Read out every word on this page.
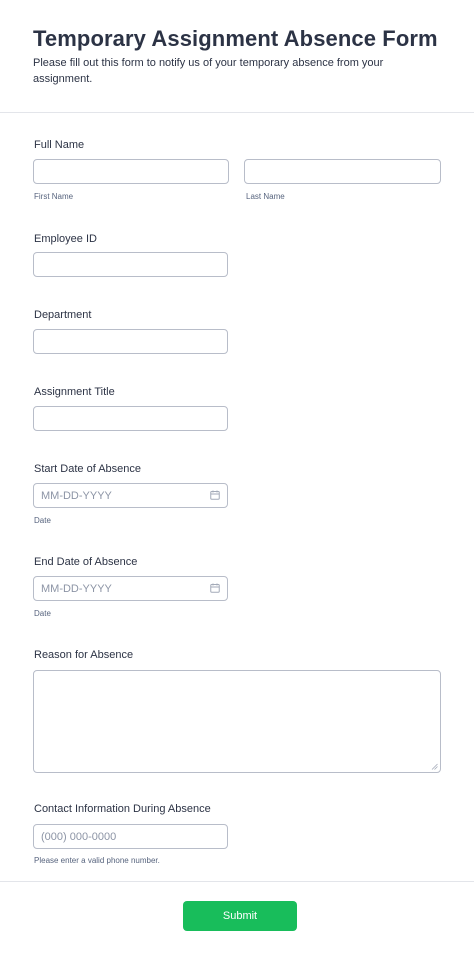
Temporary Assignment Absence Form
Please fill out this form to notify us of your temporary absence from your assignment.
Full Name
First Name	Last Name
Employee ID
Department
Assignment Title
Start Date of Absence
MM-DD-YYYY
Date
End Date of Absence
MM-DD-YYYY
Date
Reason for Absence
Contact Information During Absence
(000) 000-0000
Please enter a valid phone number.
Submit
